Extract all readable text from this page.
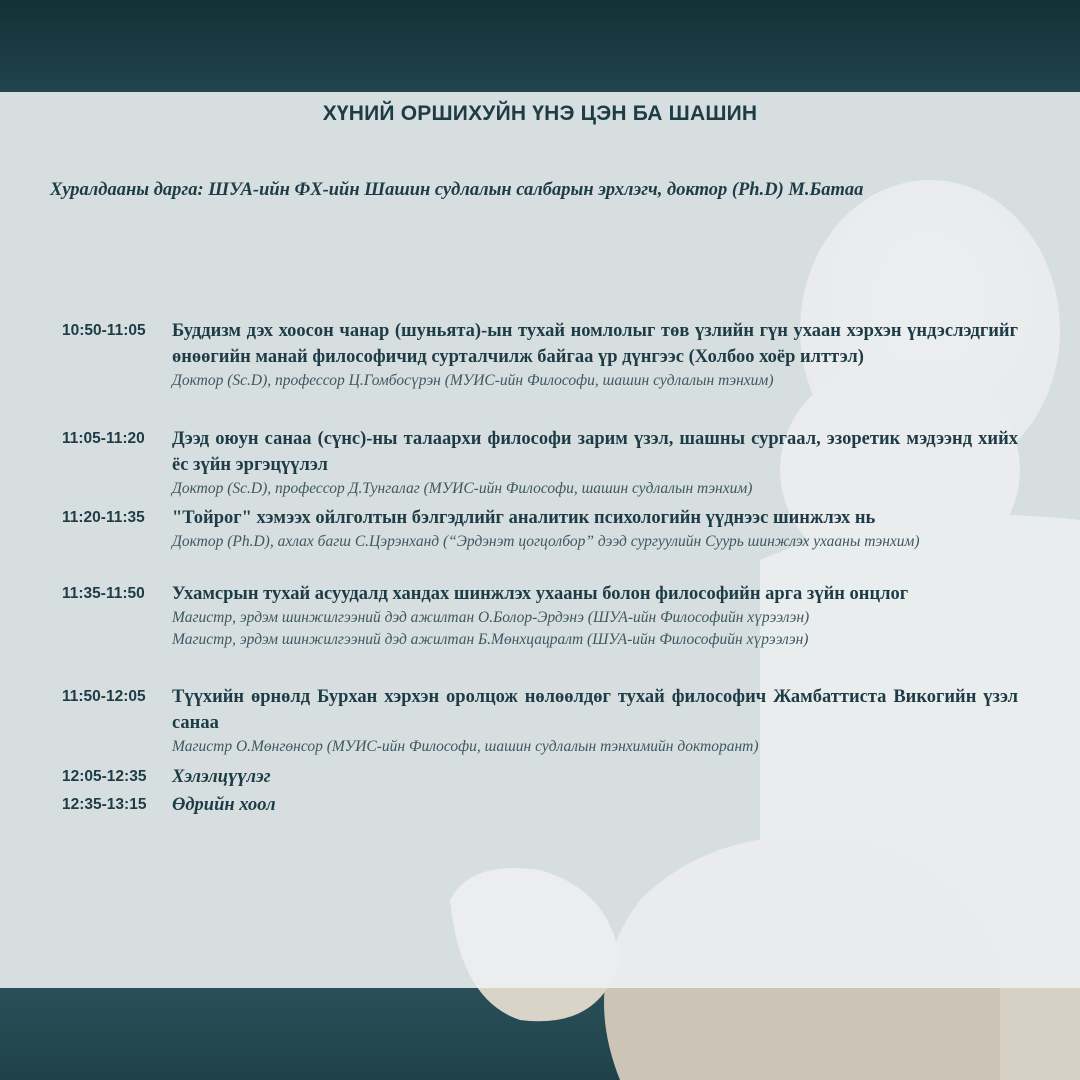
ХҮНИЙ ОРШИХУЙН ҮНЭ ЦЭН БА ШАШИН
Хуралдааны дарга: ШУА-ийн ФХ-ийн Шашин судлалын салбарын эрхлэгч, доктор (Ph.D) М.Батаа
10:50-11:05	Буддизм дэх хоосон чанар (шуньята)-ын тухай номлолыг төв үзлийн гүн ухаан хэрхэн үндэслэдгийг өнөөгийн манай философичид сурталчилж байгаа үр дүнгээс (Холбоо хоёр илттэл)
Доктор (Sc.D), профессор Ц.Гомбосүрэн (МУИС-ийн Философи, шашин судлалын тэнхим)
11:05-11:20	Дээд оюун санаа (сүнс)-ны талаархи философи зарим үзэл, шашны сургаал, эзоретик мэдээнд хийх ёс зүйн эргэцүүлэл
Доктор (Sc.D), профессор Д.Тунгалаг (МУИС-ийн Философи, шашин судлалын тэнхим)
11:20-11:35	"Тойрог" хэмээх ойлголтын бэлгэдлийг аналитик психологийн үүднээс шинжлэх нь
Доктор (Ph.D), ахлах багш С.Цэрэнханд (“Эрдэнэт цогцолбор” дээд сургуулийн Суурь шинжлэх ухааны тэнхим)
11:35-11:50	Ухамсрын тухай асуудалд хандах шинжлэх ухааны болон философийн арга зүйн онцлог
Магистр, эрдэм шинжилгээний дэд ажилтан О.Болор-Эрдэнэ (ШУА-ийн Философийн хүрээлэн)
Магистр, эрдэм шинжилгээний дэд ажилтан Б.Мөнхцацралт (ШУА-ийн Философийн хүрээлэн)
11:50-12:05	Түүхийн өрнөлд Бурхан хэрхэн оролцож нөлөөлдөг тухай философич Жамбаттиста Викогийн үзэл санаа
Магистр О.Мөнгөнсор (МУИС-ийн Философи, шашин судлалын тэнхимийн докторант)
12:05-12:35	Хэлэлцүүлэг
12:35-13:15	Өдрийн хоол
